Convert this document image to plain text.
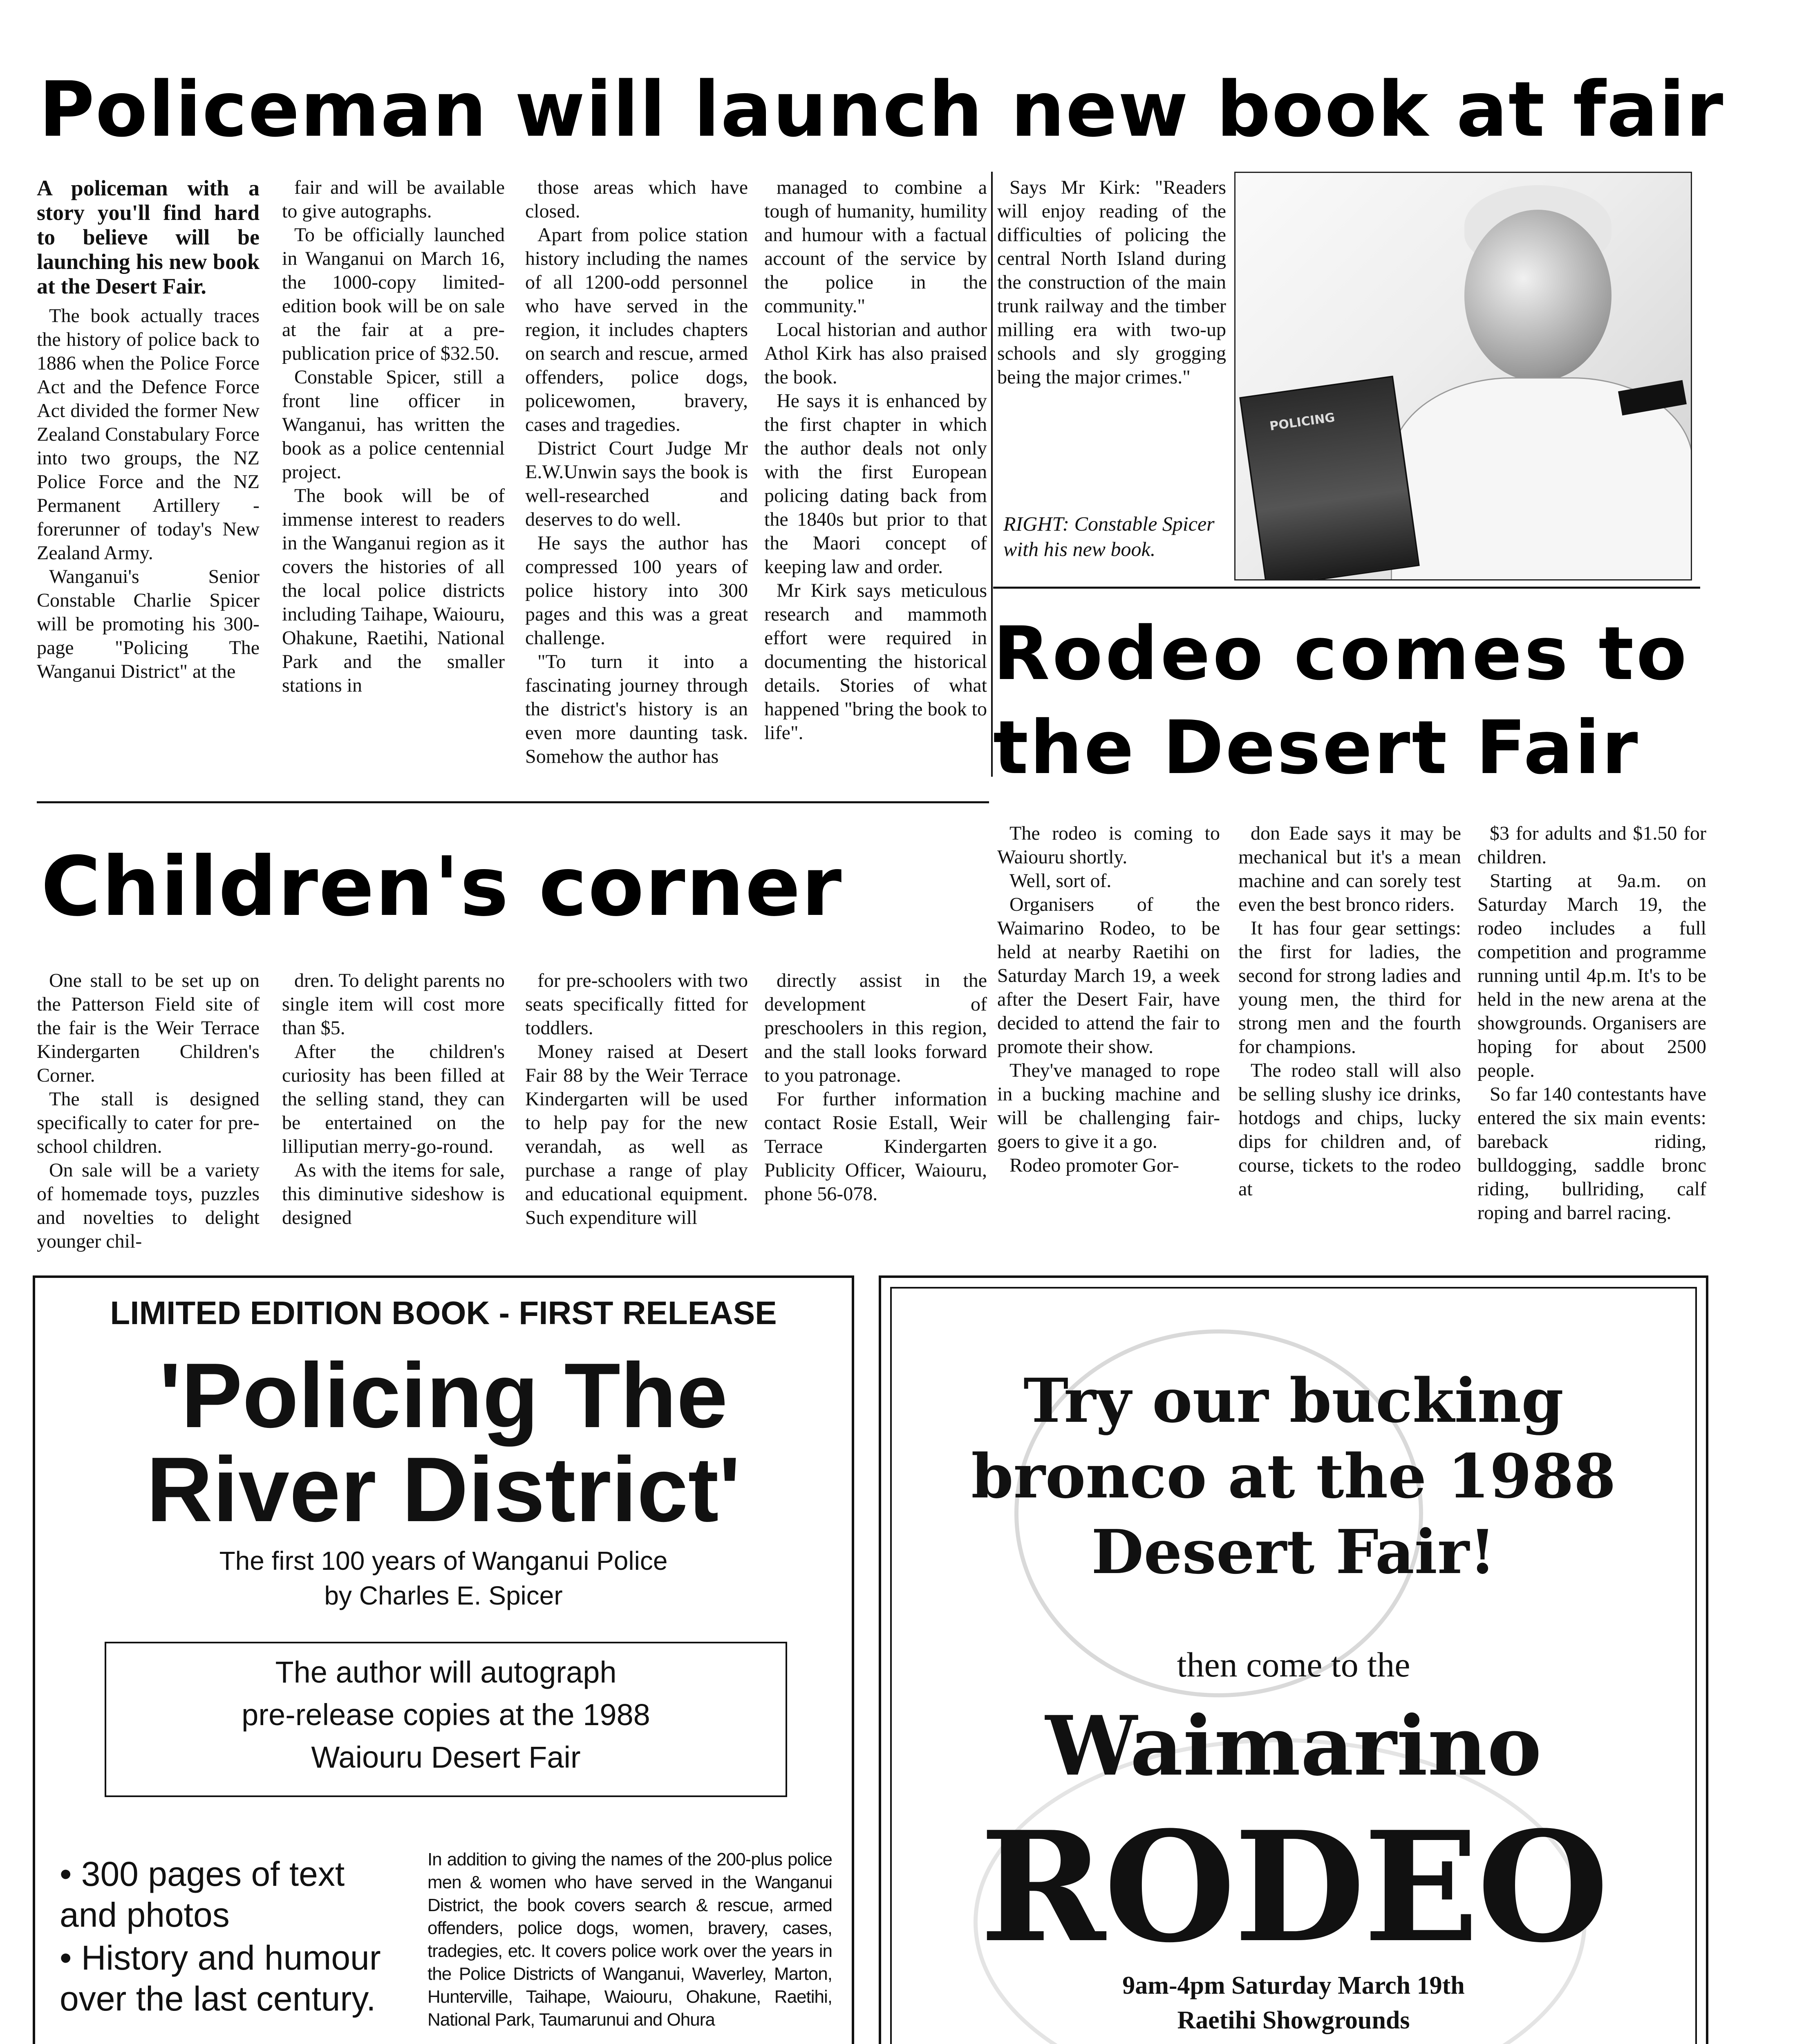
Policeman will launch new book at fair

A policeman with a story you'll find hard to believe will be launching his new book at the Desert Fair.

The book actually traces the history of police back to 1886 when the Police Force Act and the Defence Force Act divided the former New Zealand Constabulary Force into two groups, the NZ Police Force and the NZ Permanent Artillery - forerunner of today's New Zealand Army.

Wanganui's Senior Constable Charlie Spicer will be promoting his 300-page "Policing The Wanganui District" at the

fair and will be available to give autographs.

To be officially launched in Wanganui on March 16, the 1000-copy limited-edition book will be on sale at the fair at a pre-publication price of $32.50.

Constable Spicer, still a front line officer in Wanganui, has written the book as a police centennial project.

The book will be of immense interest to readers in the Wanganui region as it covers the histories of all the local police districts including Taihape, Waiouru, Ohakune, Raetihi, National Park and the smaller stations in

those areas which have closed.

Apart from police station history including the names of all 1200-odd personnel who have served in the region, it includes chapters on search and rescue, armed offenders, police dogs, policewomen, bravery, cases and tragedies.

District Court Judge Mr E.W.Unwin says the book is well-researched and deserves to do well.

He says the author has compressed 100 years of police history into 300 pages and this was a great challenge.

"To turn it into a fascinating journey through the district's history is an even more daunting task. Somehow the author has

managed to combine a tough of humanity, humility and humour with a factual account of the service by the police in the community."

Local historian and author Athol Kirk has also praised the book.

He says it is enhanced by the first chapter in which the author deals not only with the first European policing dating back from the 1840s but prior to that the Maori concept of keeping law and order.

Mr Kirk says meticulous research and mammoth effort were required in documenting the historical details. Stories of what happened "bring the book to life".

Says Mr Kirk: "Readers will enjoy reading of the difficulties of policing the central North Island during the construction of the main trunk railway and the timber milling era with two-up schools and sly grogging being the major crimes."

POLICING
RIGHT: Constable Spicer with his new book.
Rodeo comes to
the Desert Fair

The rodeo is coming to Waiouru shortly.

Well, sort of.

Organisers of the Waimarino Rodeo, to be held at nearby Raetihi on Saturday March 19, a week after the Desert Fair, have decided to attend the fair to promote their show.

They've managed to rope in a bucking machine and will be challenging fair-goers to give it a go.

Rodeo promoter Gor-

don Eade says it may be mechanical but it's a mean machine and can sorely test even the best bronco riders.

It has four gear settings: the first for ladies, the second for strong ladies and young men, the third for strong men and the fourth for champions.

The rodeo stall will also be selling slushy ice drinks, hotdogs and chips, lucky dips for children and, of course, tickets to the rodeo at

$3 for adults and $1.50 for children.

Starting at 9a.m. on Saturday March 19, the rodeo includes a full competition and programme running until 4p.m. It's to be held in the new arena at the showgrounds. Organisers are hoping for about 2500 people.

So far 140 contestants have entered the six main events: bareback riding, bulldogging, saddle bronc riding, bullriding, calf roping and barrel racing.

Children's corner

One stall to be set up on the Patterson Field site of the fair is the Weir Terrace Kindergarten Children's Corner.

The stall is designed specifically to cater for pre-school children.

On sale will be a variety of homemade toys, puzzles and novelties to delight younger chil-

dren. To delight parents no single item will cost more than $5.

After the children's curiosity has been filled at the selling stand, they can be entertained on the lilliputian merry-go-round.

As with the items for sale, this diminutive sideshow is designed

for pre-schoolers with two seats specifically fitted for toddlers.

Money raised at Desert Fair 88 by the Weir Terrace Kindergarten will be used to help pay for the new verandah, as well as purchase a range of play and educational equipment. Such expenditure will

directly assist in the development of preschoolers in this region, and the stall looks forward to you patronage.

For further information contact Rosie Estall, Weir Terrace Kindergarten Publicity Officer, Waiouru, phone 56-078.

LIMITED EDITION BOOK - FIRST RELEASE
'Policing The
River District'
The first 100 years of Wanganui Police
by Charles E. Spicer
The author will autograph
pre-release copies at the 1988
Waiouru Desert Fair
• 300 pages of text
and photos
• History and humour
over the last century.
In addition to giving the names of the 200-plus police men & women who have served in the Wanganui District, the book covers search & rescue, armed offenders, police dogs, women, bravery, cases, tradegies, etc. It covers police work over the years in the Police Districts of Wanganui, Waverley, Marton, Hunterville, Taihape, Waiouru, Ohakune, Raetihi, National Park, Taumarunui and Ohura
Try our bucking
bronco at the 1988
Desert Fair!
then come to the
Waimarino
RODEO
9am-4pm Saturday March 19th
Raetihi Showgrounds
